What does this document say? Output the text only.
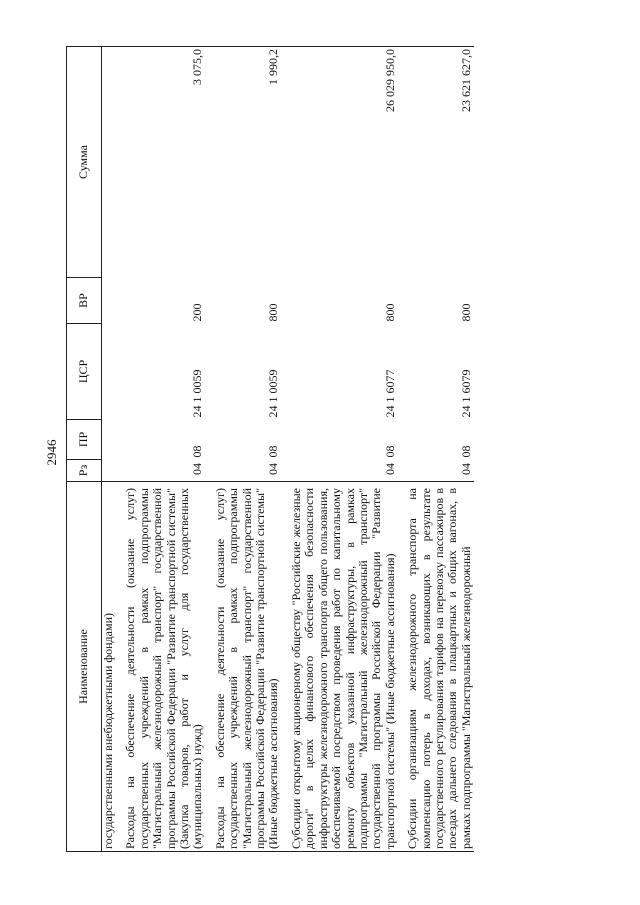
2946
Наименование	Рз	ПР	ЦСР	ВР	Сумма
государственными внебюджетными фондами)					
Расходы на обеспечение деятельности (оказание услуг) государственных учреждений в рамках подпрограммы "Магистральный железнодорожный транспорт" государственной программы Российской Федерации "Развитие транспортной системы" (Закупка товаров, работ и услуг для государственных (муниципальных) нужд)	04	08	24 1 0059	200	3 075,0
Расходы на обеспечение деятельности (оказание услуг) государственных учреждений в рамках подпрограммы "Магистральный железнодорожный транспорт" государственной программы Российской Федерации "Развитие транспортной системы" (Иные бюджетные ассигнования)	04	08	24 1 0059	800	1 990,2
Субсидии открытому акционерному обществу "Российские железные дороги" в целях финансового обеспечения безопасности инфраструктуры железнодорожного транспорта общего пользования, обеспечиваемой посредством проведения работ по капитальному ремонту объектов указанной инфраструктуры, в рамках подпрограммы "Магистральный железнодорожный транспорт" государственной программы Российской Федерации "Развитие транспортной системы" (Иные бюджетные ассигнования)	04	08	24 1 6077	800	26 029 950,0
Субсидии организациям железнодорожного транспорта на компенсацию потерь в доходах, возникающих в результате государственного регулирования тарифов на перевозку пассажиров в поездах дальнего следования в плацкартных и общих вагонах, в рамках подпрограммы "Магистральный железнодорожный	04	08	24 1 6079	800	23 621 627,0
